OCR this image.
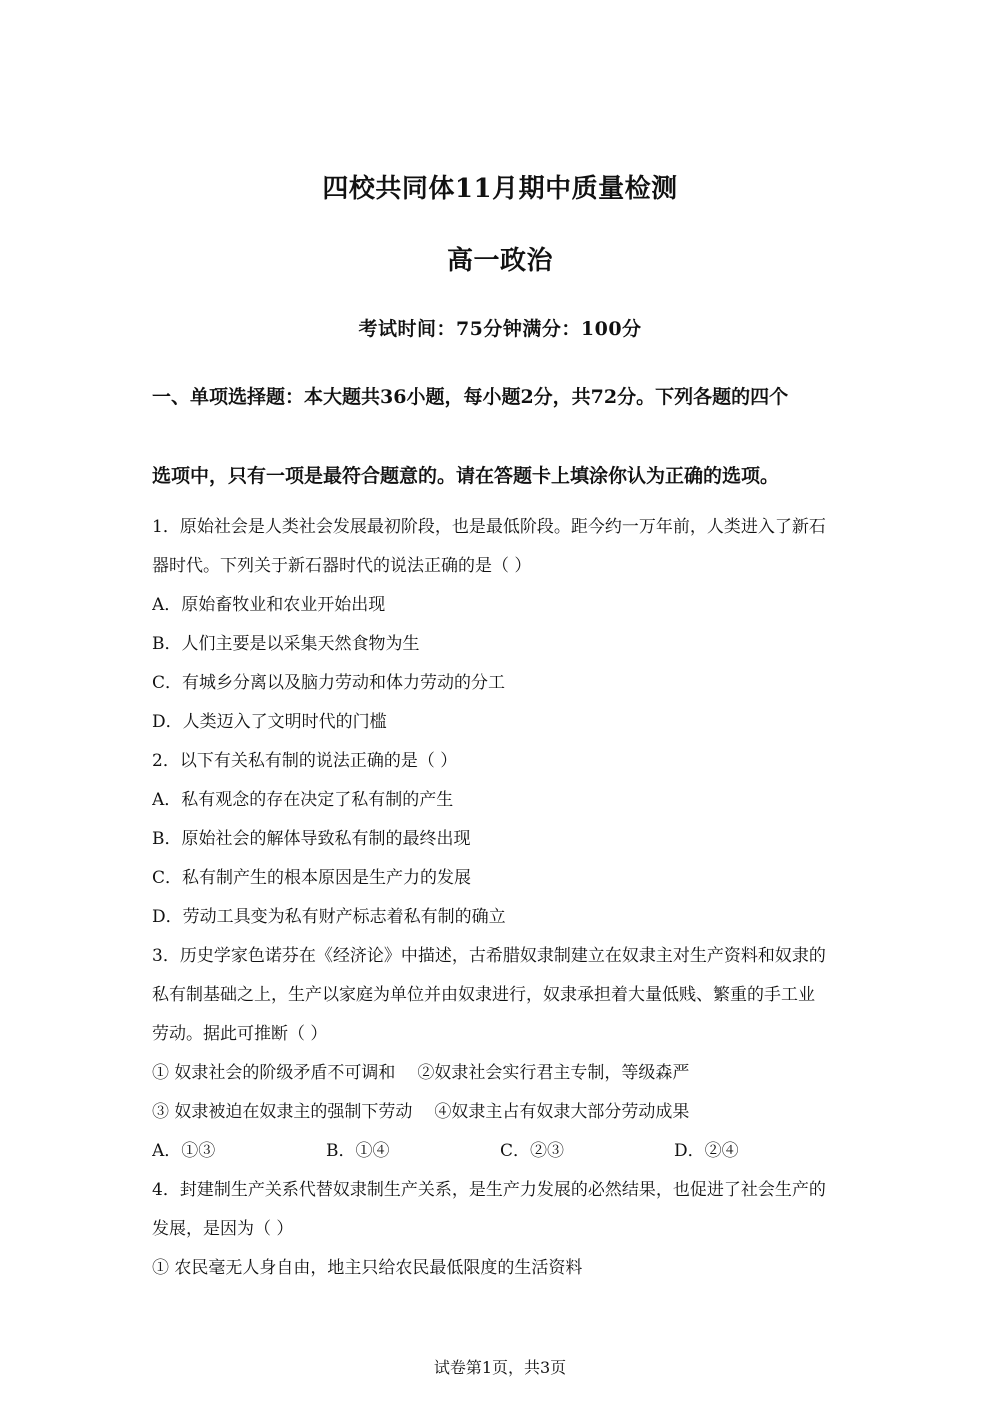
四校共同体11月期中质量检测
高一政治
考试时间：75分钟满分：100分
一、单项选择题：本大题共36小题，每小题2分，共72分。下列各题的四个
选项中，只有一项是最符合题意的。请在答题卡上填涂你认为正确的选项。
1．原始社会是人类社会发展最初阶段，也是最低阶段。距今约一万年前，人类进入了新石
器时代。下列关于新石器时代的说法正确的是（ ）
A．原始畜牧业和农业开始出现
B．人们主要是以采集天然食物为生
C．有城乡分离以及脑力劳动和体力劳动的分工
D．人类迈入了文明时代的门槛
2．以下有关私有制的说法正确的是（ ）
A．私有观念的存在决定了私有制的产生
B．原始社会的解体导致私有制的最终出现
C．私有制产生的根本原因是生产力的发展
D．劳动工具变为私有财产标志着私有制的确立
3．历史学家色诺芬在《经济论》中描述，古希腊奴隶制建立在奴隶主对生产资料和奴隶的
私有制基础之上，生产以家庭为单位并由奴隶进行，奴隶承担着大量低贱、繁重的手工业
劳动。据此可推断（ ）
① 奴隶社会的阶级矛盾不可调和 ②奴隶社会实行君主专制，等级森严
③ 奴隶被迫在奴隶主的强制下劳动 ④奴隶主占有奴隶大部分劳动成果
A．①③	B．①④	C．②③	D．②④
4．封建制生产关系代替奴隶制生产关系，是生产力发展的必然结果，也促进了社会生产的
发展，是因为（ ）
① 农民毫无人身自由，地主只给农民最低限度的生活资料
试卷第1页，共3页
